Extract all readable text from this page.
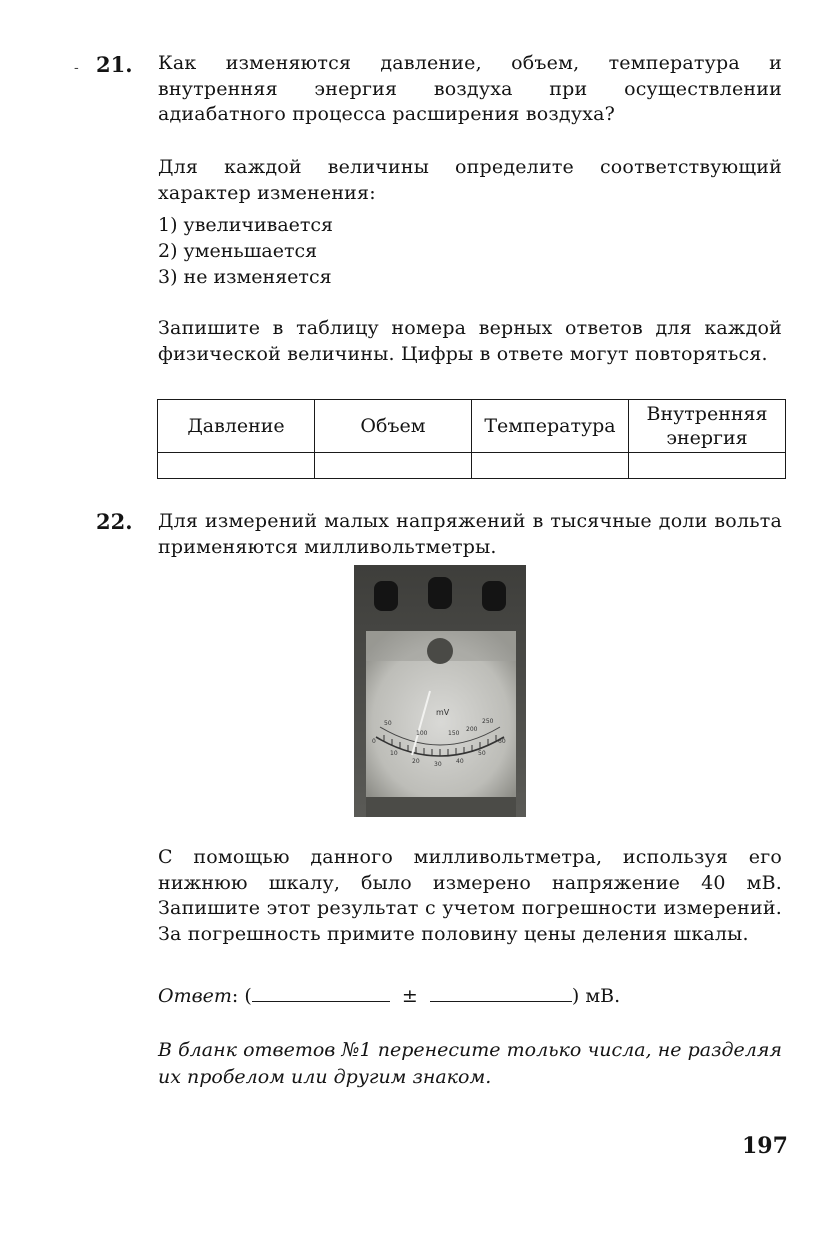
- 21. Как изменяются давление, объем, температура и внутренняя энергия воздуха при осуществлении адиабатного процесса расширения воздуха?
Для каждой величины определите соответствующий характер изменения:
1) увеличивается
2) уменьшается
3) не изменяется
Запишите в таблицу номера верных ответов для каждой физической величины. Цифры в ответе могут повторяться.
Давление	Объем	Температура	Внутренняя энергия

22. Для измерений малых напряжений в тысячные доли вольта применяются милливольтметры.
mV
50
100	150
200
250
0
10
20 30 40
50
60
С помощью данного милливольтметра, используя его нижнюю шкалу, было измерено напряжение 40 мВ. Запишите этот результат с учетом погрешности измерений. За погрешность примите половину цены деления шкалы.
Ответ: (	±	) мВ.
В бланк ответов №1 перенесите только числа, не разделяя их пробелом или другим знаком.
197
